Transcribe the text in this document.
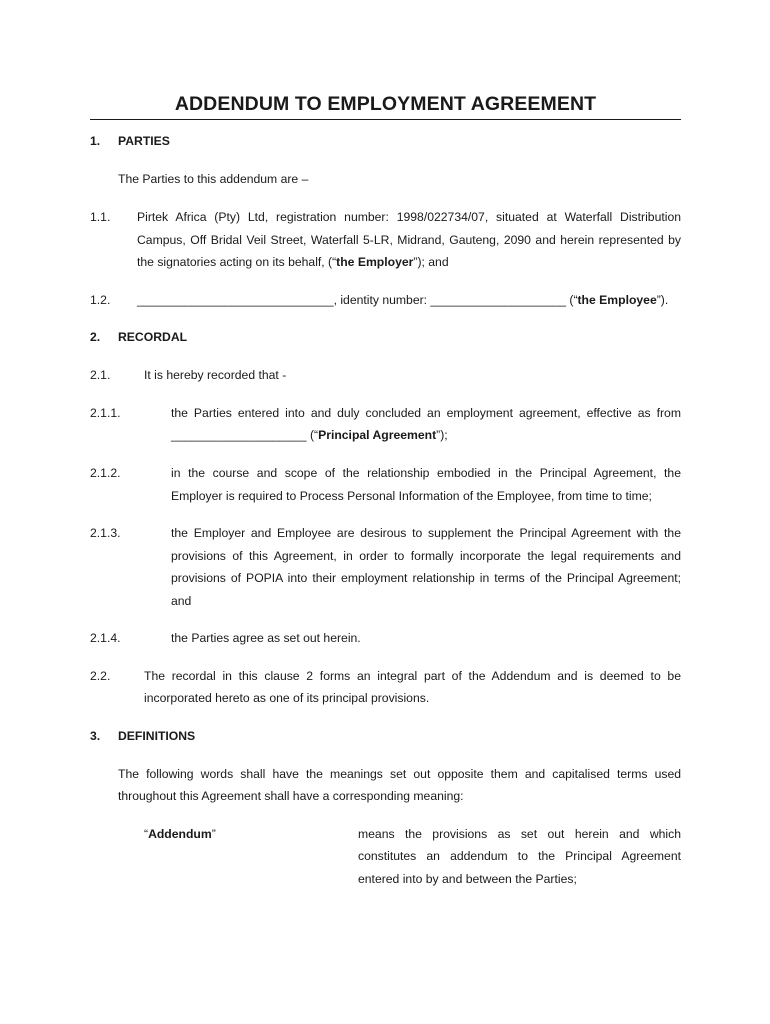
ADDENDUM TO EMPLOYMENT AGREEMENT
1. PARTIES
The Parties to this addendum are –
1.1. Pirtek Africa (Pty) Ltd, registration number: 1998/022734/07, situated at Waterfall Distribution
Campus, Off Bridal Veil Street, Waterfall 5-LR, Midrand, Gauteng, 2090 and herein represented by
the signatories acting on its behalf, (“the Employer”); and
1.2. _____________________________, identity number: ____________________ (“the Employee”).
2. RECORDAL
2.1.	It is hereby recorded that -
2.1.1.	the Parties entered into and duly concluded an employment agreement, effective as from
____________________ (“Principal Agreement”);
2.1.2.	in the course and scope of the relationship embodied in the Principal Agreement, the
Employer is required to Process Personal Information of the Employee, from time to time;
2.1.3.	the Employer and Employee are desirous to supplement the Principal Agreement with the
provisions of this Agreement, in order to formally incorporate the legal requirements and
provisions of POPIA into their employment relationship in terms of the Principal Agreement;
and
2.1.4.	the Parties agree as set out herein.
2.2.	The recordal in this clause 2 forms an integral part of the Addendum and is deemed to be
incorporated hereto as one of its principal provisions.
3. DEFINITIONS
The following words shall have the meanings set out opposite them and capitalised terms used
throughout this Agreement shall have a corresponding meaning:
“Addendum”	means the provisions as set out herein and which
constitutes an addendum to the Principal Agreement
entered into by and between the Parties;
